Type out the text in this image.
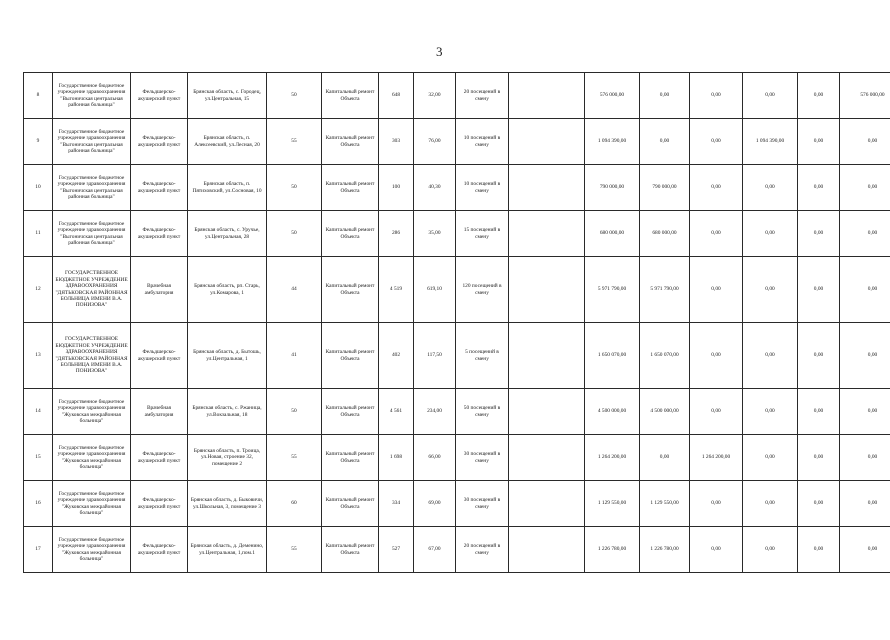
3
8	Государственное бюджетное учреждение здравоохранения "Выгоничская центральная районная больница"	Фельдшерско-акушерский пункт	Брянская область, с. Городец, ул.Центральная, 15	50	Капитальный ремонт Объекта	648	32,00	20 посещений в смену		576 000,00	0,00	0,00	0,00	0,00	576 000,00
9	Государственное бюджетное учреждение здравоохранения "Выгоничская центральная районная больница"	Фельдшерско-акушерский пункт	Брянская область, п. Алексеевский, ул.Лесная, 20	55	Капитальный ремонт Объекта	303	76,00	10 посещений в смену		1 094 390,00	0,00	0,00	1 094 390,00	0,00	0,00
10	Государственное бюджетное учреждение здравоохранения "Выгоничская центральная районная больница"	Фельдшерско-акушерский пункт	Брянская область, п. Пятиховский, ул.Сосновая, 10	50	Капитальный ремонт Объекта	100	40,30	10 посещений в смену		790 000,00	790 000,00	0,00	0,00	0,00	0,00
11	Государственное бюджетное учреждение здравоохранения "Выгоничская центральная районная больница"	Фельдшерско-акушерский пункт	Брянская область, с. Уручье, ул.Центральная, 28	50	Капитальный ремонт Объекта	286	35,00	15 посещений в смену		680 000,00	680 000,00	0,00	0,00	0,00	0,00
12	ГОСУДАРСТВЕННОЕ БЮДЖЕТНОЕ УЧРЕЖДЕНИЕ ЗДРАВООХРАНЕНИЯ "ДЯТЬКОВСКАЯ РАЙОННАЯ БОЛЬНИЦА ИМЕНИ В.А. ПОНИЗОВА"	Врачебная амбулатория	Брянская область, рп. Старь, ул.Комарова, 1	44	Капитальный ремонт Объекта	4 519	619,10	120 посещений в смену		5 971 790,00	5 971 790,00	0,00	0,00	0,00	0,00
13	ГОСУДАРСТВЕННОЕ БЮДЖЕТНОЕ УЧРЕЖДЕНИЕ ЗДРАВООХРАНЕНИЯ "ДЯТЬКОВСКАЯ РАЙОННАЯ БОЛЬНИЦА ИМЕНИ В.А. ПОНИЗОВА"	Фельдшерско-акушерский пункт	Брянская область, д. Бытошь, ул.Центральная, 1	41	Капитальный ремонт Объекта	402	117,50	5 посещений в смену		1 650 070,00	1 650 070,00	0,00	0,00	0,00	0,00
14	Государственное бюджетное учреждение здравоохранения "Жуковская межрайонная больница"	Врачебная амбулатория	Брянская область, с. Ржаница, ул.Вокзальная, 18	50	Капитальный ремонт Объекта	4 561	234,00	50 посещений в смену		4 500 000,00	4 500 000,00	0,00	0,00	0,00	0,00
15	Государственное бюджетное учреждение здравоохранения "Жуковская межрайонная больница"	Фельдшерско-акушерский пункт	Брянская область, п. Троица, ул.Новая, строение 32, помещение 2	55	Капитальный ремонт Объекта	1 698	66,00	30 посещений в смену		1 264 200,00	0,00	1 264 200,00	0,00	0,00	0,00
16	Государственное бюджетное учреждение здравоохранения "Жуковская межрайонная больница"	Фельдшерско-акушерский пункт	Брянская область, д. Быковичи, ул.Школьная, 3, помещение 3	60	Капитальный ремонт Объекта	334	69,00	30 посещений в смену		1 129 550,00	1 129 550,00	0,00	0,00	0,00	0,00
17	Государственное бюджетное учреждение здравоохранения "Жуковская межрайонная больница"	Фельдшерско-акушерский пункт	Брянская область, д. Деменино, ул.Центральная, 1,пом.1	55	Капитальный ремонт Объекта	527	67,00	20 посещений в смену		1 226 780,00	1 226 780,00	0,00	0,00	0,00	0,00
